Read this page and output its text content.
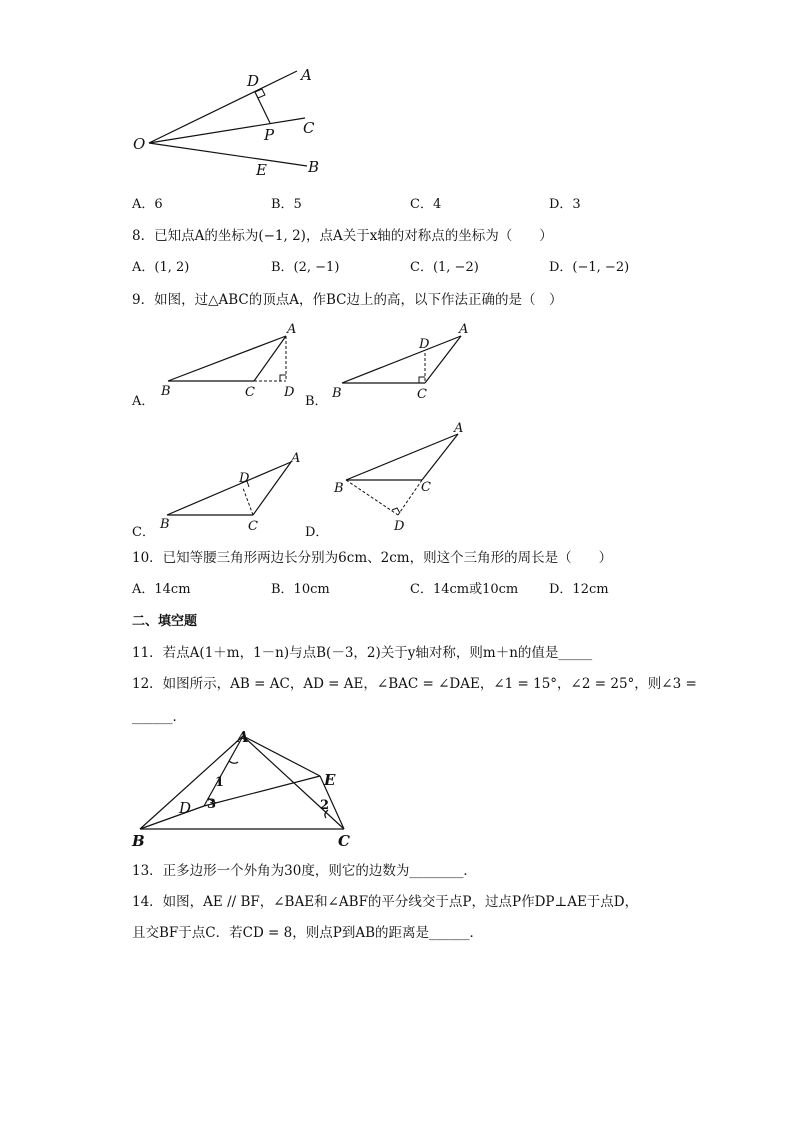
O
D	A
P C
E	B
A．6	B．5	C．4	D．3
8．已知点A的坐标为(−1, 2)，点A关于x轴的对称点的坐标为（　　）
A．(1, 2)	B．(2, −1)	C．(1, −2)	D．(−1, −2)
9．如图，过△ABC的顶点A，作BC边上的高，以下作法正确的是（　）
A
B	C D
A．
A
D
B	C
B．
A
D
B	C
C．
A
B	C
D
D．
10．已知等腰三角形两边长分别为6cm、2cm，则这个三角形的周长是（　　）
A．14cm	B．10cm	C．14cm或10cm D．12cm
二、填空题
11．若点A(1＋m，1－n)与点B(－3，2)关于y轴对称，则m＋n的值是_____
12．如图所示，AB = AC，AD = AE，∠BAC = ∠DAE，∠1 = 15°，∠2 = 25°，则∠3 =
______．
A
B	C
D
E
1
2
3
13．正多边形一个外角为30度，则它的边数为________．
14．如图，AE // BF，∠BAE和∠ABF的平分线交于点P，过点P作DP⊥AE于点D，
且交BF于点C．若CD = 8，则点P到AB的距离是______．
